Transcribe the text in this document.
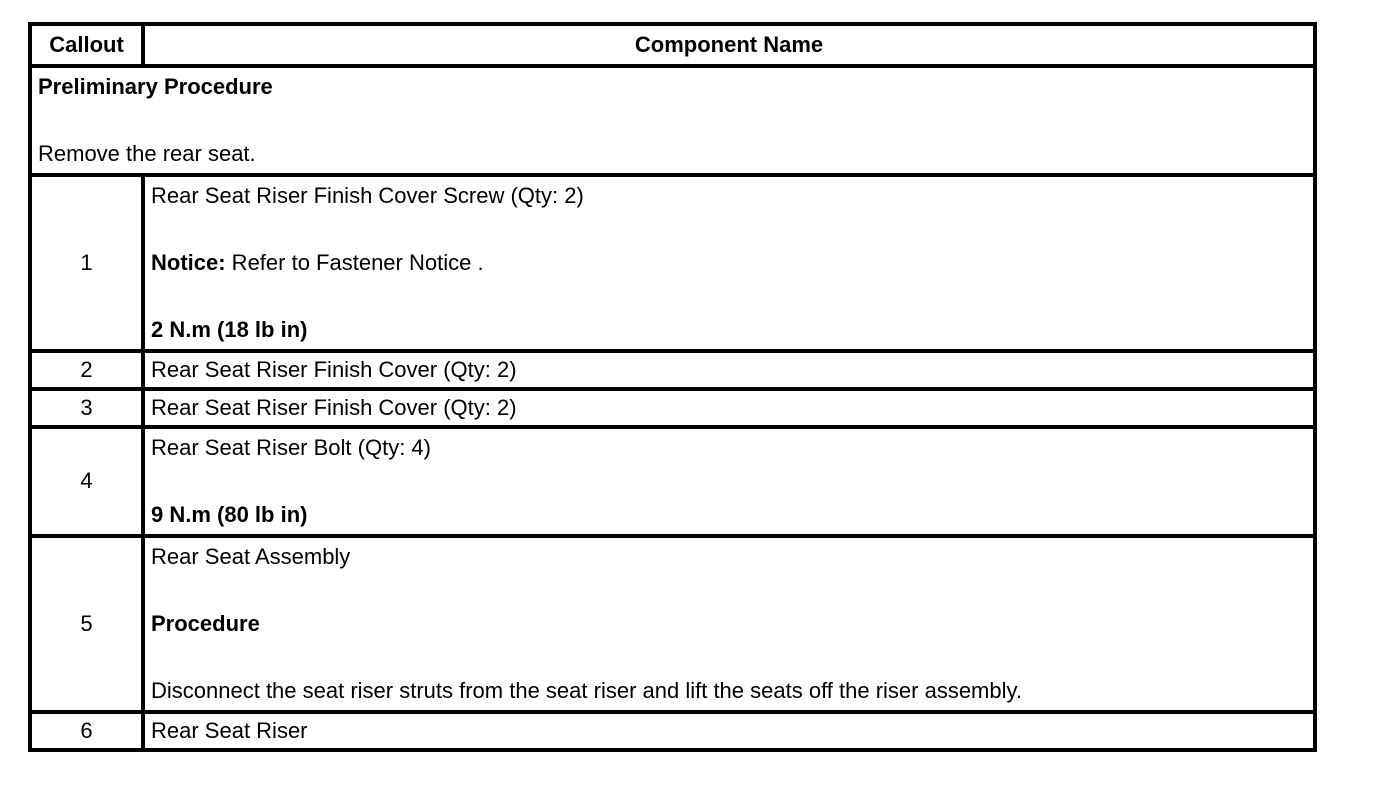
Callout	Component Name

Preliminary Procedure
Remove the rear seat.	

1	Rear Seat Riser Finish Cover Screw (Qty: 2)
Notice: Refer to Fastener Notice .
2 N.m (18 lb in)

2	Rear Seat Riser Finish Cover (Qty: 2)
3	Rear Seat Riser Finish Cover (Qty: 2)
4	Rear Seat Riser Bolt (Qty: 4)
9 N.m (80 lb in)

5	Rear Seat Assembly
Procedure
Disconnect the seat riser struts from the seat riser and lift the seats off the riser assembly.

6	Rear Seat Riser
